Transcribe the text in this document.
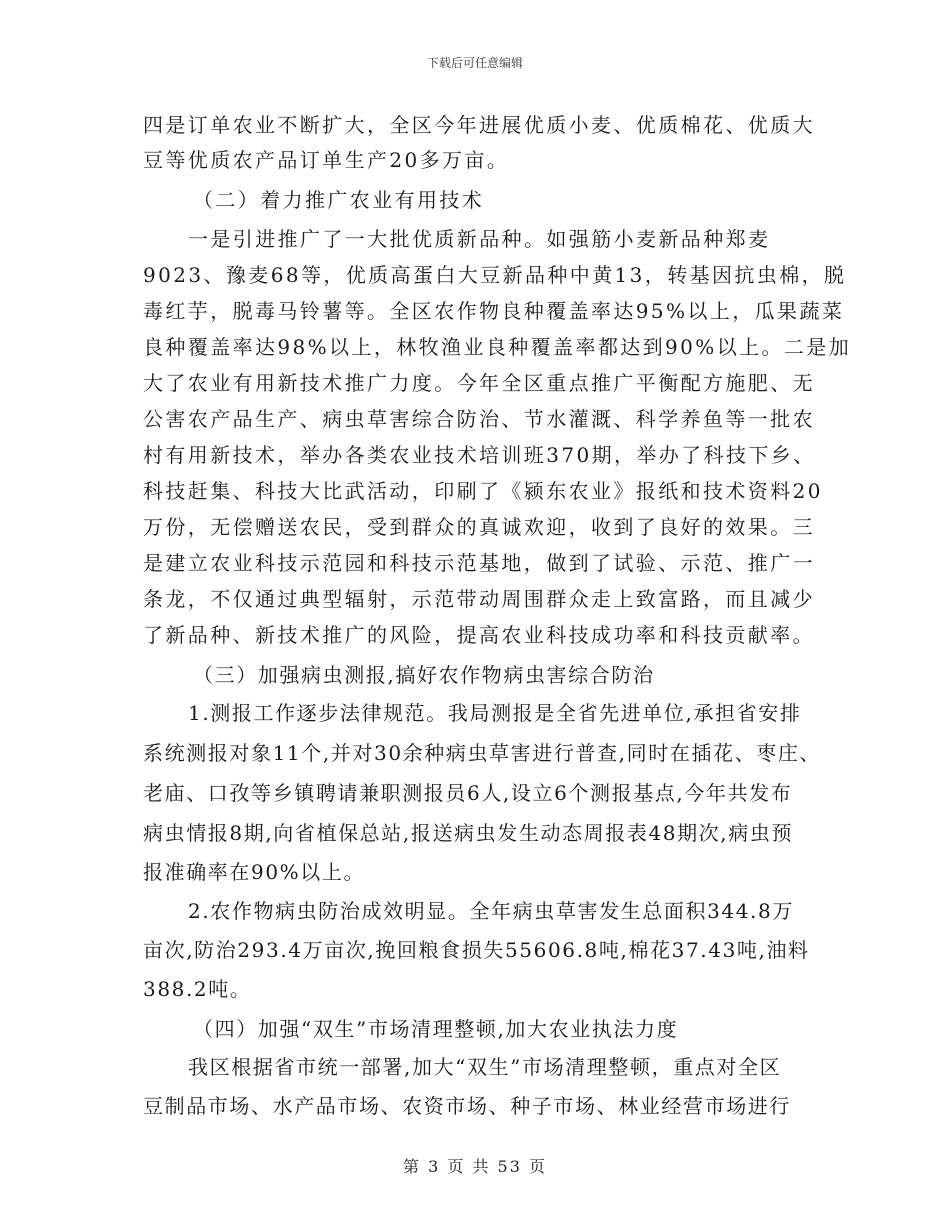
下载后可任意编辑
四是订单农业不断扩大，全区今年进展优质小麦、优质棉花、优质大
豆等优质农产品订单生产20多万亩。
（二）着力推广农业有用技术
一是引进推广了一大批优质新品种。如强筋小麦新品种郑麦
9023、豫麦68等，优质高蛋白大豆新品种中黄13，转基因抗虫棉，脱
毒红芋，脱毒马铃薯等。全区农作物良种覆盖率达95%以上，瓜果蔬菜
良种覆盖率达98%以上，林牧渔业良种覆盖率都达到90%以上。二是加
大了农业有用新技术推广力度。今年全区重点推广平衡配方施肥、无
公害农产品生产、病虫草害综合防治、节水灌溉、科学养鱼等一批农
村有用新技术，举办各类农业技术培训班370期，举办了科技下乡、
科技赶集、科技大比武活动，印刷了《颍东农业》报纸和技术资料20
万份，无偿赠送农民，受到群众的真诚欢迎，收到了良好的效果。三
是建立农业科技示范园和科技示范基地，做到了试验、示范、推广一
条龙，不仅通过典型辐射，示范带动周围群众走上致富路，而且减少
了新品种、新技术推广的风险，提高农业科技成功率和科技贡献率。
（三）加强病虫测报,搞好农作物病虫害综合防治
1.测报工作逐步法律规范。我局测报是全省先进单位,承担省安排
系统测报对象11个,并对30余种病虫草害进行普查,同时在插花、枣庄、
老庙、口孜等乡镇聘请兼职测报员6人,设立6个测报基点,今年共发布
病虫情报8期,向省植保总站,报送病虫发生动态周报表48期次,病虫预
报准确率在90%以上。
2.农作物病虫防治成效明显。全年病虫草害发生总面积344.8万
亩次,防治293.4万亩次,挽回粮食损失55606.8吨,棉花37.43吨,油料
388.2吨。
（四）加强“双生”市场清理整顿,加大农业执法力度
我区根据省市统一部署,加大“双生”市场清理整顿，重点对全区
豆制品市场、水产品市场、农资市场、种子市场、林业经营市场进行
第 3 页 共 53 页
